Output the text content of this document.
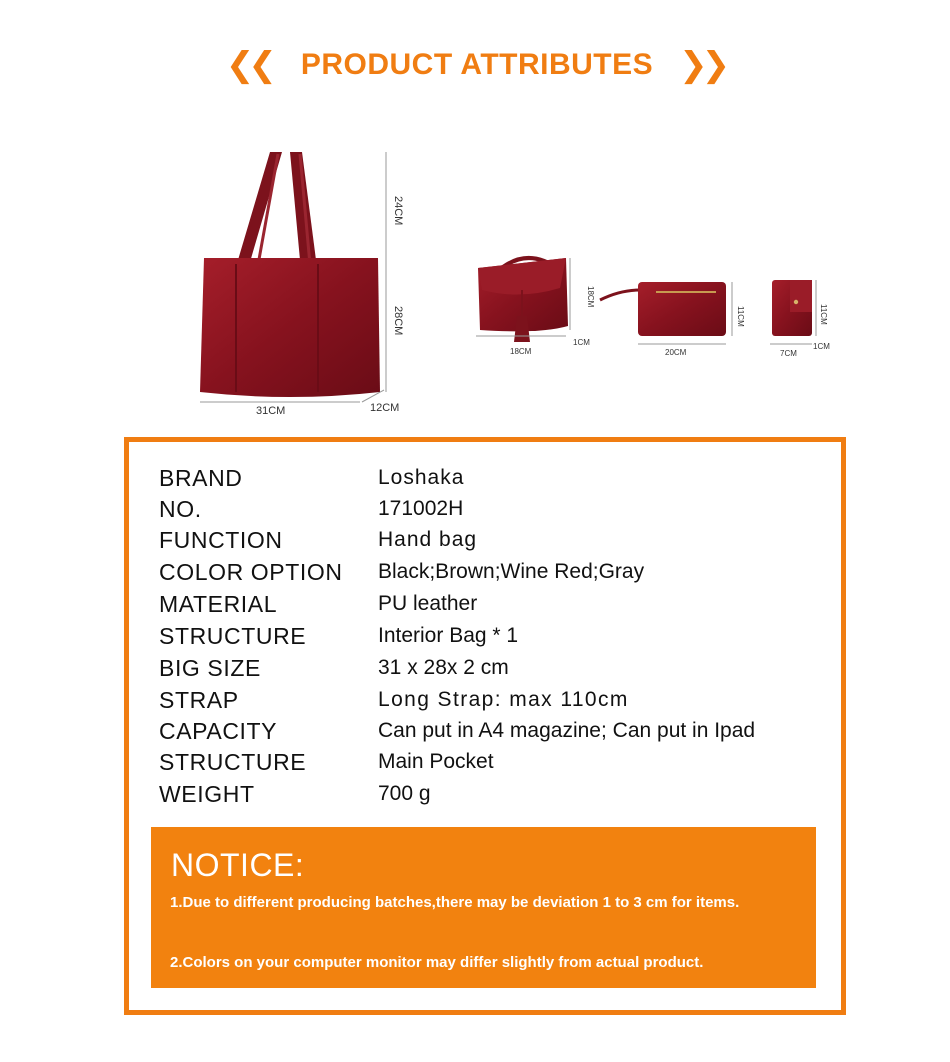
❮❮ PRODUCT ATTRIBUTES ❯❯
24CM
28CM
31CM	12CM
18CM
18CM
1CM
11CM
20CM
11CM
7CM
1CM
BRAND	Loshaka
NO.	171002H
FUNCTION	Hand bag
COLOR OPTION	Black;Brown;Wine Red;Gray
MATERIAL	PU leather
STRUCTURE	Interior Bag * 1
BIG SIZE	31 x 28x 2 cm
STRAP	Long Strap: max 110cm
CAPACITY	Can put in A4 magazine; Can put in Ipad
STRUCTURE	Main Pocket
WEIGHT	700 g
NOTICE:

1.Due to different producing batches,there may be deviation 1 to 3 cm for items.

2.Colors on your computer monitor may differ slightly from actual product.
